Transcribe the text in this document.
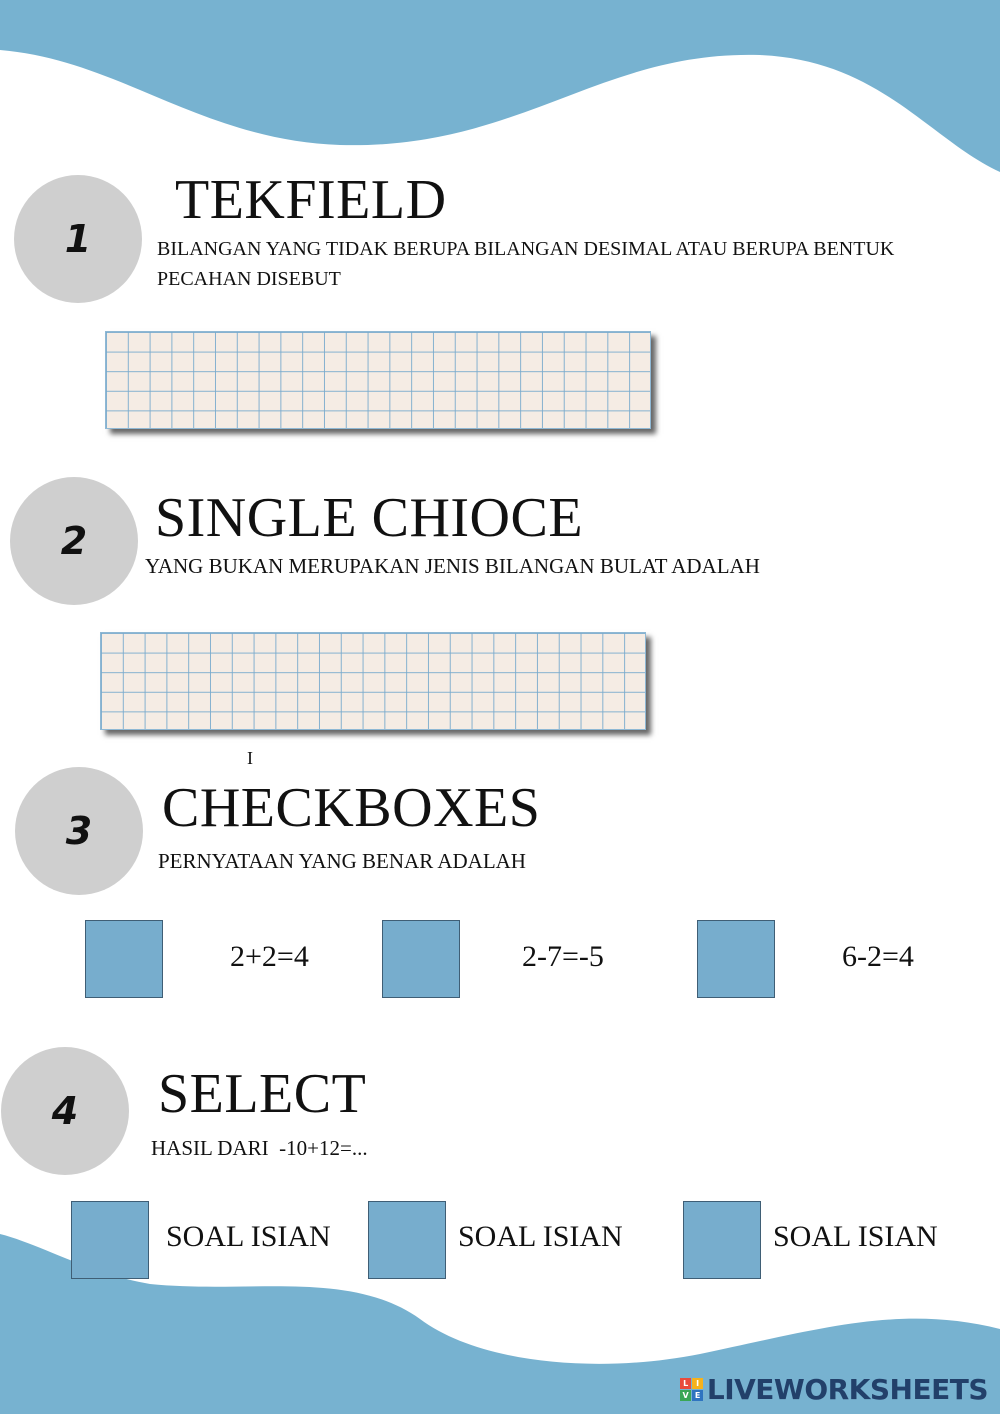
1
TEKFIELD

BILANGAN YANG TIDAK BERUPA BILANGAN DESIMAL ATAU BERUPA BENTUK PECAHAN DISEBUT

2 SINGLE CHIOCE

YANG BUKAN MERUPAKAN JENIS BILANGAN BULAT ADALAH

I
3 CHECKBOXES

PERNYATAAN YANG BENAR ADALAH

2+2=4	2-7=-5	6-2=4
4 SELECT

HASIL DARI  -10+12=...

SOAL ISIAN	SOAL ISIAN	SOAL ISIAN
L	I
V E LIVEWORKSHEETS
